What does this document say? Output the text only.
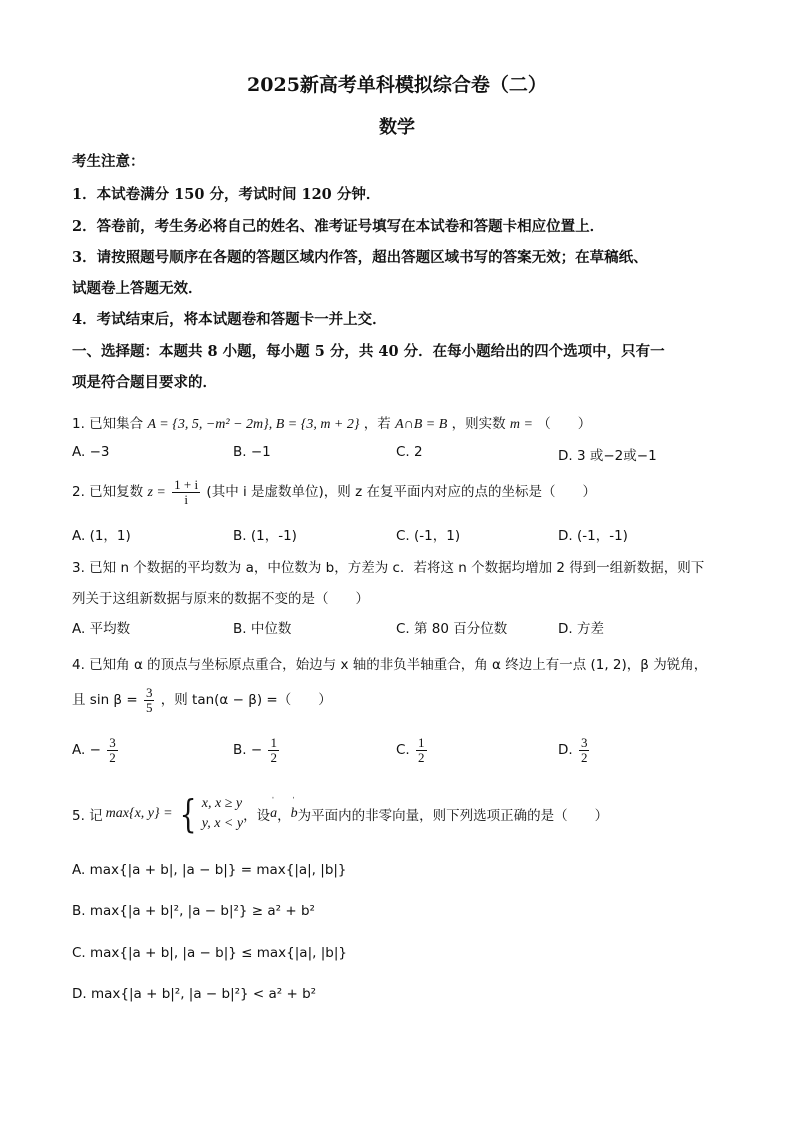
2025新高考单科模拟综合卷（二）
数学
考生注意：
1．本试卷满分 150 分，考试时间 120 分钟．
2．答卷前，考生务必将自己的姓名、准考证号填写在本试卷和答题卡相应位置上．
3．请按照题号顺序在各题的答题区域内作答，超出答题区域书写的答案无效；在草稿纸、
试题卷上答题无效．
4．考试结束后，将本试题卷和答题卡一并上交．
一、选择题：本题共 8 小题，每小题 5 分，共 40 分．在每小题给出的四个选项中，只有一
项是符合题目要求的．
1. 已知集合 A = {3, 5, −m² − 2m}, B = {3, m + 2} ，若 A∩B = B ，则实数 m = （　　）
A. −3	B. −1	C. 2	D. 3 或−2或−1
2. 已知复数 $z = \frac{1 + i}{i}$ (其中 i 是虚数单位)，则 z 在复平面内对应的点的坐标是（　　）
A. (1，1)	B. (1，-1)	C. (-1，1)	D. (-1，-1)
3. 已知 n 个数据的平均数为 a，中位数为 b，方差为 c．若将这 n 个数据均增加 2 得到一组新数据，则下
列关于这组新数据与原来的数据不变的是（　　）
A. 平均数	B. 中位数	C. 第 80 百分位数	D. 方差
4. 已知角 α 的顶点与坐标原点重合，始边与 x 轴的非负半轴重合，角 α 终边上有一点 (1, 2)，β 为锐角，
且 $\sin \beta = \frac{3}{5}$ ，则 tan(α − β) =（　　）
A. − $\frac{3}{2}$	B. − $\frac{1}{2}$	C. $\frac{1}{2}$	D. $\frac{3}{2}$
5. 记 max{x, y} = { x, x ≥ y
y, x < y ，设 ˈ a ， ˈ b 为平面内的非零向量，则下列选项正确的是（　　）
A. max{|a + b|, |a − b|} = max{|a|, |b|}
B. max{|a + b|², |a − b|²} ≥ a² + b²
C. max{|a + b|, |a − b|} ≤ max{|a|, |b|}
D. max{|a + b|², |a − b|²} < a² + b²
